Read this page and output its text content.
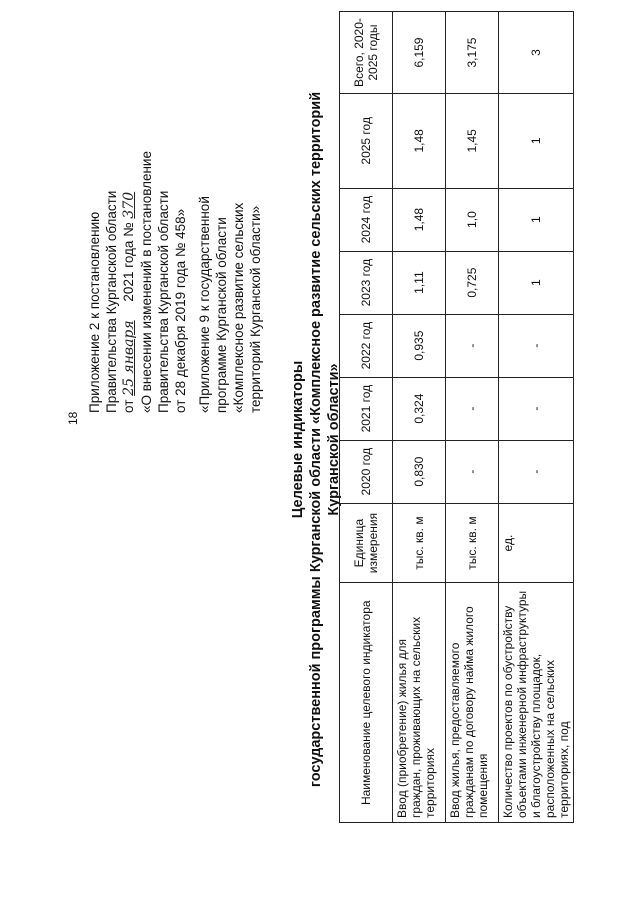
18
Приложение 2 к постановлению Правительства Курганской области от 25 января     2021 года № 370 «О внесении изменений в постановление Правительства Курганской области от 28 декабря 2019 года № 458» «Приложение 9 к государственной программе Курганской области «Комплексное развитие сельских территорий Курганской области»
Целевые индикаторы государственной программы Курганской области «Комплексное развитие сельских территорий Курганской области»
Наименование целевого индикатора	Единица измерения	2020 год	2021 год	2022 год	2023 год	2024 год	2025 год	Всего, 2020-2025 годы
Ввод (приобретение) жилья для граждан, проживающих на сельских территориях	тыс. кв. м	0,830	0,324	0,935	1,11	1,48	1,48	6,159
Ввод жилья, предоставляемого гражданам по договору найма жилого помещения	тыс. кв. м	-	-	-	0,725	1,0	1,45	3,175
Количество проектов по обустройству объектами инженерной инфраструктуры и благоустройству площадок, расположенных на сельских территориях, под	ед.	-	-	-	1	1	1	3
